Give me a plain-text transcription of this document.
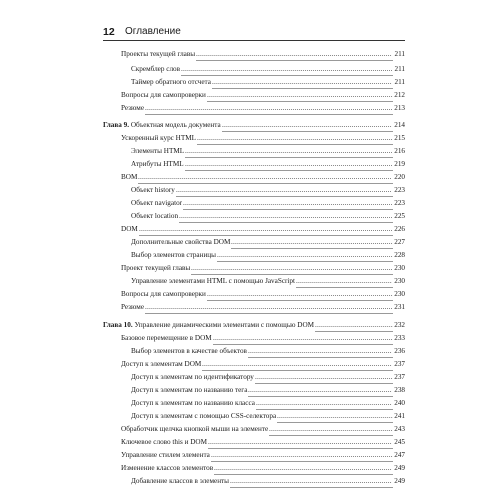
12 Оглавление
..................................................................................................
Проекты текущей главы	211
..........................................................................................................
Скремблер слов	211
..........................................................................................
Таймер обратного отсчета	211
.............................................................................................
Вопросы для самопроверки	212
............................................................................................................................
Резюме	213
.....................................................................................
Глава 9. Объектная модель документа	214
..................................................................................................
Ускоренный курс HTML	215
........................................................................................................
Элементы HTML	216
........................................................................................................
Атрибуты HTML	219
...............................................................................................................................
BOM	220
............................................................................................................
Объект history	223
.........................................................................................................
Объект navigator	223
...........................................................................................................
Объект location	225
...............................................................................................................................
DOM	226
.................................................................................
Дополнительные свойства DOM	227
........................................................................................
Выбор элементов страницы	228
.....................................................................................................
Проект текущей главы	230
................................................
Управление элементами HTML с помощью JavaScript	230
.............................................................................................
Вопросы для самопроверки	230
............................................................................................................................
Резюме	231
.......................................
Глава 10. Управление динамическими элементами с помощью DOM	232
..........................................................................................
Базовое перемещение в DOM	233
........................................................................
Выбор элементов в качестве объектов	236
...............................................................................................
Доступ к элементам DOM	237
.....................................................................
Доступ к элементам по идентификатору	237
........................................................................
Доступ к элементам по названию тега	238
....................................................................
Доступ к элементам по названию класса	240
..........................................................
Доступ к элементам с помощью CSS-селектора	241
..............................................................
Обработчик щелчка кнопкой мыши на элементе	243
............................................................................................
Ключевое слово this и DOM	245
...........................................................................................
Управление стилем элемента	247
.........................................................................................
Изменение классов элементов	249
.................................................................................
Добавление классов в элементы	249
